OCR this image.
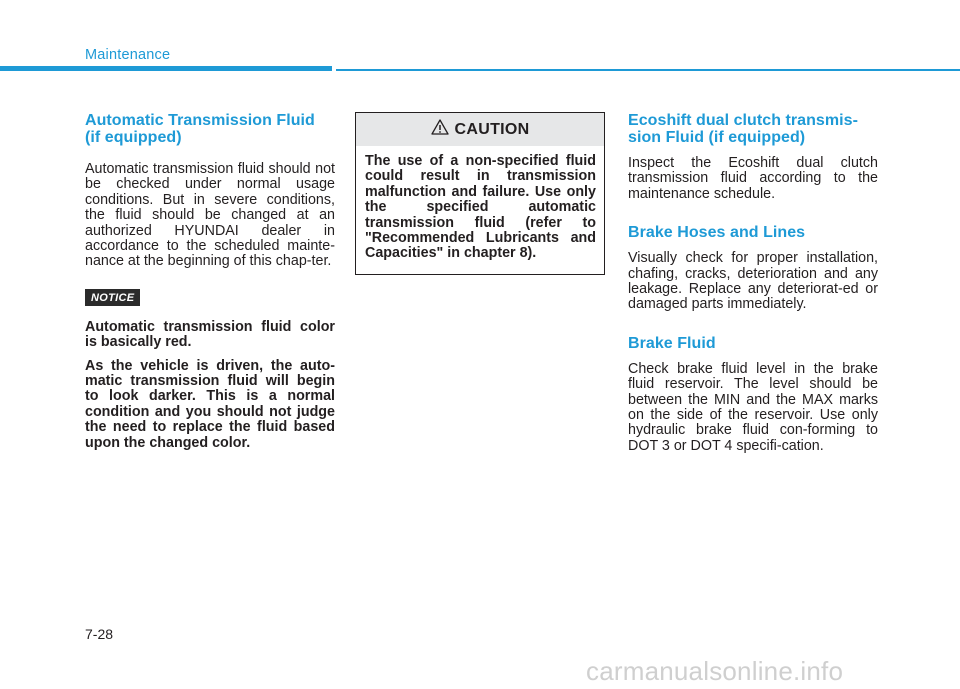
Maintenance
Automatic Transmission Fluid (if equipped)

Automatic transmission fluid should not be checked under normal usage conditions. But in severe conditions, the fluid should be changed at an authorized HYUNDAI dealer in accordance to the scheduled mainte-nance at the beginning of this chap-ter.

NOTICE

Automatic transmission fluid color is basically red.

As the vehicle is driven, the auto-matic transmission fluid will begin to look darker. This is a normal condition and you should not judge the need to replace the fluid based upon the changed color.

CAUTION

The use of a non-specified fluid could result in transmission malfunction and failure. Use only the specified automatic transmission fluid (refer to "Recommended Lubricants and Capacities" in chapter 8).

Ecoshift dual clutch transmis-sion Fluid (if equipped)

Inspect the Ecoshift dual clutch transmission fluid according to the maintenance schedule.

Brake Hoses and Lines

Visually check for proper installation, chafing, cracks, deterioration and any leakage. Replace any deteriorat-ed or damaged parts immediately.

Brake Fluid

Check brake fluid level in the brake fluid reservoir. The level should be between the MIN and the MAX marks on the side of the reservoir. Use only hydraulic brake fluid con-forming to DOT 3 or DOT 4 specifi-cation.

7-28
carmanualsonline.info
